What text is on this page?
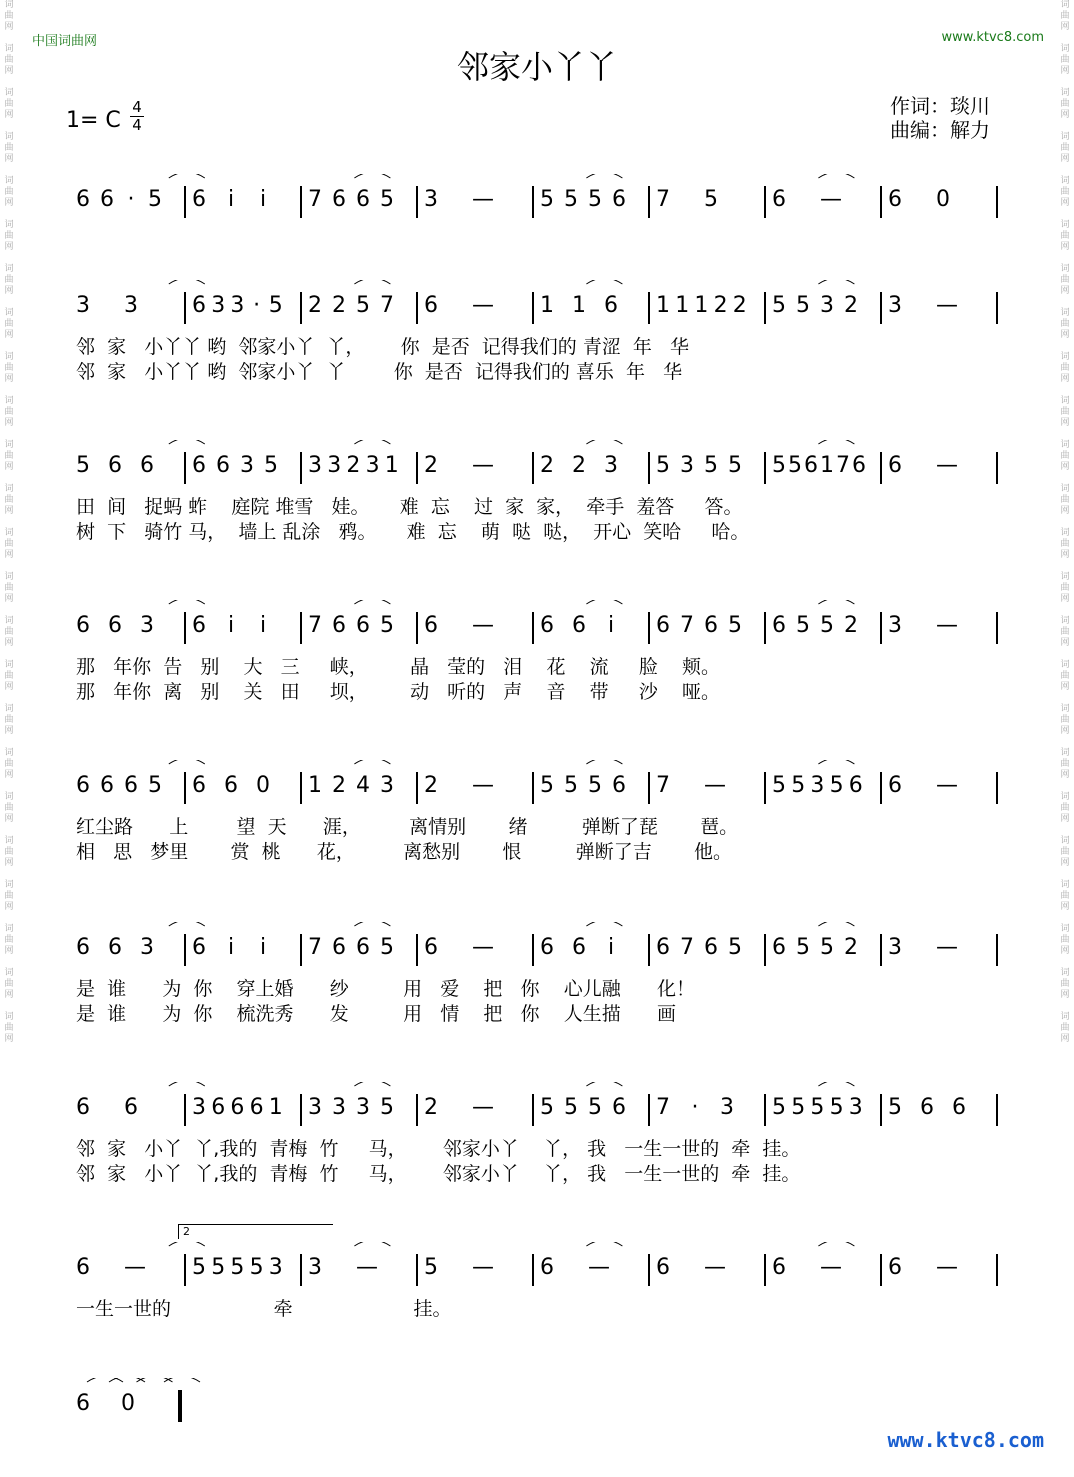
中国词曲网	www.ktvc8.com
邻家小丫丫
1= C
4
4
作词：琰川
曲编：解力
词
曲
网

词
曲
网

词
曲
网

词
曲
网

词
曲
网

词
曲
网

词
曲
网

词
曲
网

词
曲
网

词
曲
网

词
曲
网

词
曲
网

词
曲
网

词
曲
网

词
曲
网

词
曲
网

词
曲
网

词
曲
网

词
曲
网

词
曲
网

词
曲
网

词
曲
网

词
曲
网

词
曲
网

词
曲
网

词
曲
网

词
曲
网

词
曲
网

词
曲
网

词
曲
网

词
曲
网

词
曲
网

词
曲
网

词
曲
网

词
曲
网

词
曲
网

词
曲
网

词
曲
网

词
曲
网

词
曲
网

词
曲
网

词
曲
网

词
曲
网

词
曲
网

词
曲
网

词
曲
网

词
曲
网

词
曲
网

6 6 · 5 6 i i 7 6 6 5 3 — 5 5 5 6 7 5 6 — 6 0
3 3 6 3 3 · 5 2 2 5 7 6 — 1 1 6 1 1 1 2 2 5 5 3 2 3 —
邻  家   小丫丫 哟  邻家小丫  丫，      你  是否  记得我们的 青涩  年   华
邻  家   小丫丫 哟  邻家小丫  丫        你  是否  记得我们的 喜乐  年   华
5 6 6 6 6 3 5 3 3 2 3 1 2 — 2 2 3 5 3 5 5 5 5 6 1 7 6 6 —
田  间   捉蚂 蚱    庭院 堆雪   娃。     难  忘    过  家  家，  牵手  羞答     答。
树  下   骑竹 马，  墙上 乱涂   鸦。     难  忘    萌  哒  哒，  开心  笑哈     哈。
6 6 3 6 i i 7 6 6 5 6 — 6 6 i 6 7 6 5 6 5 5 2 3 —
那   年你  告   别    大   三     峡，       晶   莹的   泪    花    流     脸    颊。
那   年你  离   别    关   田     坝，       动   听的   声    音    带     沙    哑。
6 6 6 5 6 6 0 1 2 4 3 2 — 5 5 5 6 7 — 5 5 3 5 6 6 —
红尘路      上        望  天      涯，        离情别       绪         弹断了琵       琶。
相   思   梦里       赏  桃      花，        离愁别       恨         弹断了吉       他。
6 6 3 6 i i 7 6 6 5 6 — 6 6 i 6 7 6 5 6 5 5 2 3 —
是  谁      为  你    穿上婚      纱         用   爱    把   你    心儿融      化！
是  谁      为  你    梳洗秀      发         用   情    把   你    人生描      画
6 6 3 6 6 6 1 3 3 3 5 2 — 5 5 5 6 7 · 3 5 5 5 5 3 5 6 6
邻  家   小丫  丫,我的  青梅  竹     马，      邻家小丫    丫， 我   一生一世的  牵  挂。
邻  家   小丫  丫,我的  青梅  竹     马，      邻家小丫    丫， 我   一生一世的  牵  挂。
6 — 5 5 5 5 3 3 — 5 — 6 — 6 — 6 — 6 —
一生一世的                 牵                    挂。
6 0
www.ktvc8.com
2
